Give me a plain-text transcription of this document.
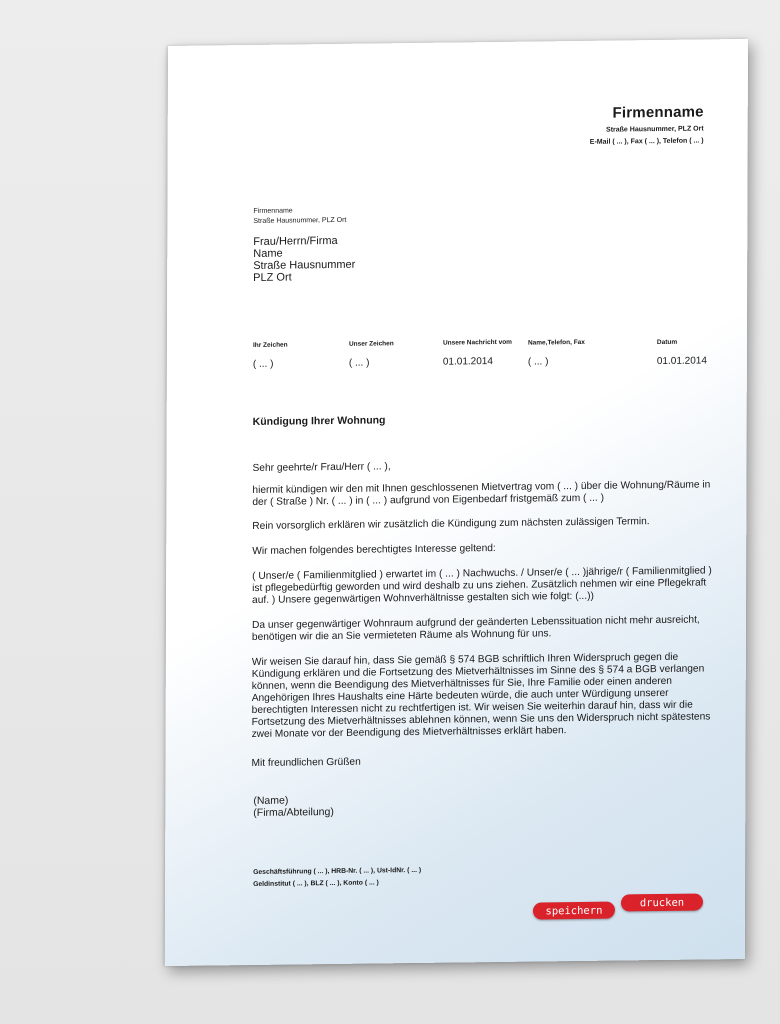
Firmenname
Straße Hausnummer, PLZ Ort
E-Mail ( ... ), Fax ( ... ), Telefon ( ... )
Firmenname
Straße Hausnummer, PLZ Ort
Frau/Herrn/Firma
Name
Straße Hausnummer
PLZ Ort
Ihr Zeichen
( ... )
Unser Zeichen
( ... )
Unsere Nachricht vom
01.01.2014
Name,Telefon, Fax
( ... )
Datum
01.01.2014
Kündigung Ihrer Wohnung
Sehr geehrte/r Frau/Herr ( ... ),
hiermit kündigen wir den mit Ihnen geschlossenen Mietvertrag vom ( ... ) über die Wohnung/Räume in
der ( Straße ) Nr. ( ... ) in ( ... ) aufgrund von Eigenbedarf fristgemäß zum ( ... )
Rein vorsorglich erklären wir zusätzlich die Kündigung zum nächsten zulässigen Termin.
Wir machen folgendes berechtigtes Interesse geltend:
( Unser/e ( Familienmitglied ) erwartet im ( ... ) Nachwuchs. / Unser/e ( ... )jährige/r ( Familienmitglied )
ist pflegebedürftig geworden und wird deshalb zu uns ziehen. Zusätzlich nehmen wir eine Pflegekraft
auf. ) Unsere gegenwärtigen Wohnverhältnisse gestalten sich wie folgt: (...))
Da unser gegenwärtiger Wohnraum aufgrund der geänderten Lebenssituation nicht mehr ausreicht,
benötigen wir die an Sie vermieteten Räume als Wohnung für uns.
Wir weisen Sie darauf hin, dass Sie gemäß § 574 BGB schriftlich Ihren Widerspruch gegen die
Kündigung erklären und die Fortsetzung des Mietverhältnisses im Sinne des § 574 a BGB verlangen
können, wenn die Beendigung des Mietverhältnisses für Sie, Ihre Familie oder einen anderen
Angehörigen Ihres Haushalts eine Härte bedeuten würde, die auch unter Würdigung unserer
berechtigten Interessen nicht zu rechtfertigen ist. Wir weisen Sie weiterhin darauf hin, dass wir die
Fortsetzung des Mietverhältnisses ablehnen können, wenn Sie uns den Widerspruch nicht spätestens
zwei Monate vor der Beendigung des Mietverhältnisses erklärt haben.
Mit freundlichen Grüßen
(Name)
(Firma/Abteilung)
Geschäftsführung ( ... ), HRB-Nr. ( ... ), Ust-IdNr. ( ... )
Geldinstitut ( ... ), BLZ ( ... ), Konto ( ... )
speichern
drucken
